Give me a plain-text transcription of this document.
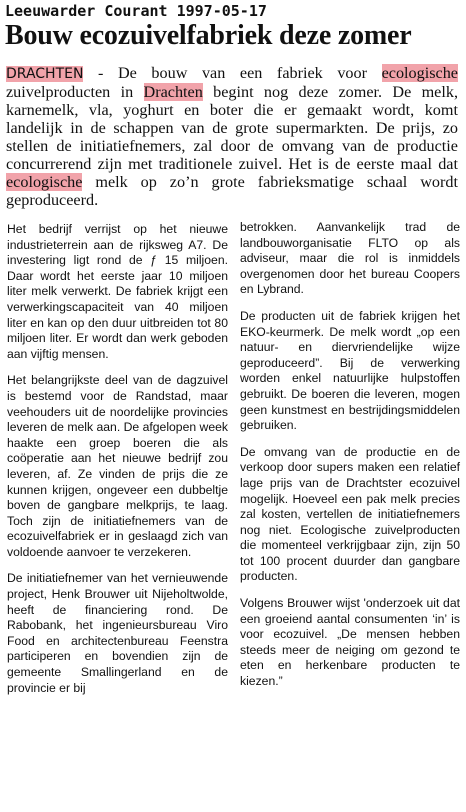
Leeuwarder Courant 1997-05-17
Bouw ecozuivelfabriek deze zomer
DRACHTEN - De bouw van een fabriek voor ecologische zuivelproducten in Drachten begint nog deze zomer. De melk, karnemelk, vla, yoghurt en boter die er gemaakt wordt, komt landelijk in de schappen van de grote supermarkten. De prijs, zo stellen de initiatiefnemers, zal door de omvang van de productie concurrerend zijn met traditionele zuivel. Het is de eerste maal dat ecologische melk op zo’n grote fabrieksmatige schaal wordt geproduceerd.

Het bedrijf verrijst op het nieuwe industrieterrein aan de rijksweg A7. De investering ligt rond de ƒ 15 miljoen. Daar wordt het eerste jaar 10 miljoen liter melk verwerkt. De fabriek krijgt een verwerkingscapaciteit van 40 miljoen liter en kan op den duur uitbreiden tot 80 miljoen liter. Er wordt dan werk geboden aan vijftig mensen.

Het belangrijkste deel van de dagzuivel is bestemd voor de Randstad, maar veehouders uit de noordelijke provincies leveren de melk aan. De afgelopen week haakte een groep boeren die als coöperatie aan het nieuwe bedrijf zou leveren, af. Ze vinden de prijs die ze kunnen krijgen, ongeveer een dubbeltje boven de gangbare melkprijs, te laag. Toch zijn de initiatiefnemers van de ecozuivelfabriek er in geslaagd zich van voldoende aanvoer te verzekeren.

De initiatiefnemer van het vernieuwende project, Henk Brouwer uit Nijeholtwolde, heeft de financiering rond. De Rabobank, het ingenieursbureau Viro Food en architectenbureau Feenstra participeren en bovendien zijn de gemeente Smallingerland en de provincie er bij

betrokken. Aanvankelijk trad de landbouworganisatie FLTO op als adviseur, maar die rol is inmiddels overgenomen door het bureau Coopers en Lybrand.

De producten uit de fabriek krijgen het EKO-keurmerk. De melk wordt „op een natuur- en diervriendelijke wijze geproduceerd”. Bij de verwerking worden enkel natuurlijke hulpstoffen gebruikt. De boeren die leveren, mogen geen kunstmest en bestrijdingsmiddelen gebruiken.

De omvang van de productie en de verkoop door supers maken een relatief lage prijs van de Drachtster ecozuivel mogelijk. Hoeveel een pak melk precies zal kosten, vertellen de initiatiefnemers nog niet. Ecologische zuivelproducten die momenteel verkrijgbaar zijn, zijn 50 tot 100 procent duurder dan gangbare producten.

Volgens Brouwer wijst 'onderzoek uit dat een groeiend aantal consumenten ‘in’ is voor ecozuivel. „De mensen hebben steeds meer de neiging om gezond te eten en herkenbare producten te kiezen.”
